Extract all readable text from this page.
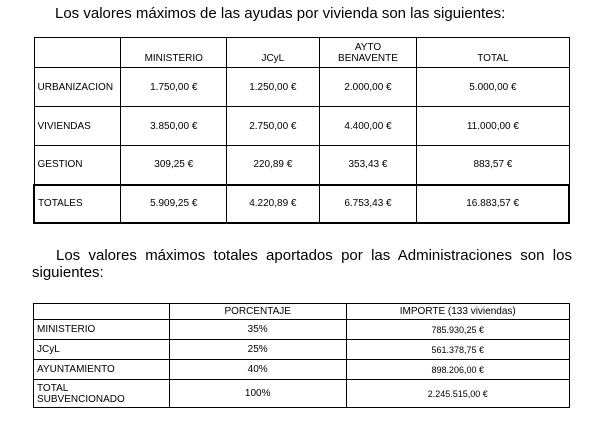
Los valores máximos de las ayudas por vivienda son las siguientes:

	MINISTERIO	JCyL	AYTO
BENAVENTE	TOTAL
URBANIZACION	1.750,00 €	1.250,00 €	2.000,00 €	5.000,00 €
VIVIENDAS	3.850,00 €	2.750,00 €	4.400,00 €	11.000,00 €
GESTION	309,25 €	220,89 €	353,43 €	883,57 €
TOTALES	5.909,25 €	4.220,89 €	6.753,43 €	16.883,57 €

Los valores máximos totales aportados por las Administraciones son los
siguientes:

	PORCENTAJE	IMPORTE (133 viviendas)
MINISTERIO	35%	785.930,25 €
JCyL	25%	561.378,75 €
AYUNTAMIENTO	40%	898.206,00 €
TOTAL
SUBVENCIONADO	100%	2.245.515,00 €
